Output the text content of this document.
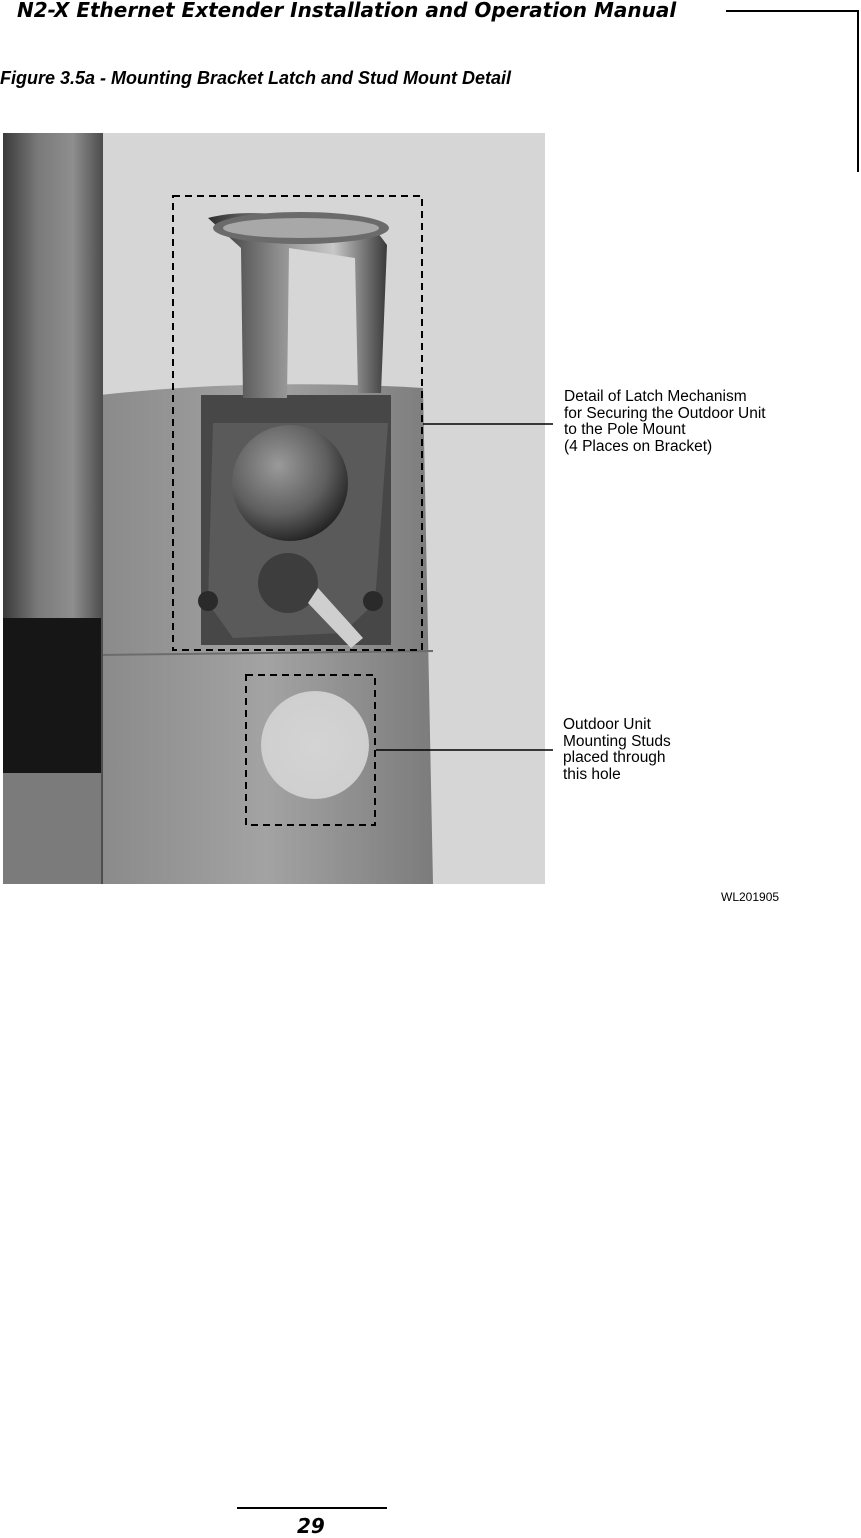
N2-X Ethernet Extender Installation and Operation Manual
Figure 3.5a - Mounting Bracket Latch and Stud Mount Detail
Detail of Latch Mechanism
for Securing the Outdoor Unit
to the Pole Mount
(4 Places on Bracket)
Outdoor Unit
Mounting Studs
placed through
this hole
WL201905
29
